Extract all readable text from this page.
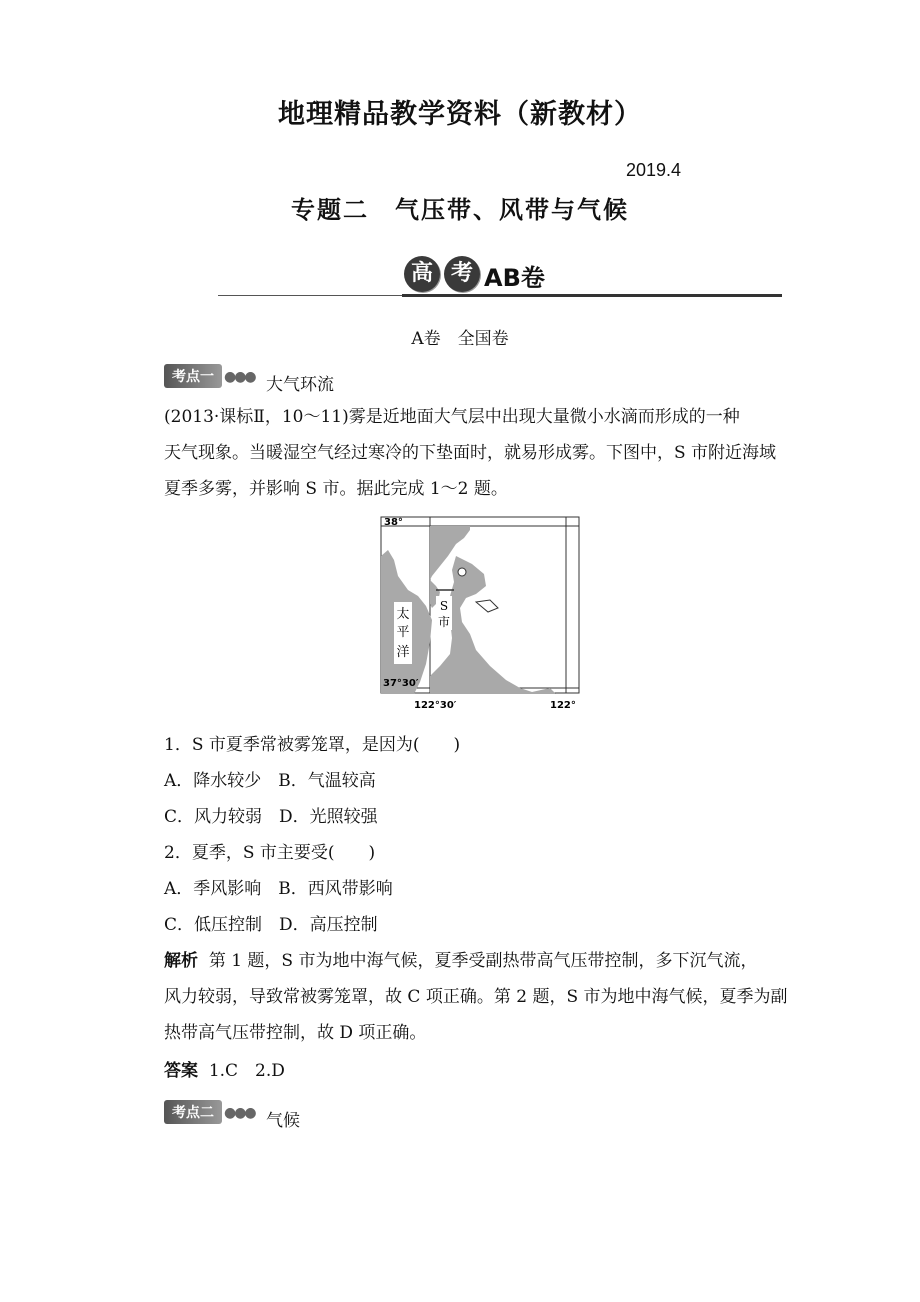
地理精品教学资料（新教材）
2019.4
专题二　气压带、风带与气候
高 考 AB卷
A卷　全国卷
考点一 ●●● 大气环流
(2013·课标Ⅱ，10～11)雾是近地面大气层中出现大量微小水滴而形成的一种
天气现象。当暖湿空气经过寒冷的下垫面时，就易形成雾。下图中，S 市附近海域
夏季多雾，并影响 S 市。据此完成 1～2 题。
太
平
洋
S
市
38°
37°30′
122°30′	122°
1．S 市夏季常被雾笼罩，是因为(　　)
A．降水较少　B．气温较高
C．风力较弱　D．光照较强
2．夏季，S 市主要受(　　)
A．季风影响　B．西风带影响
C．低压控制　D．高压控制
解析 第 1 题，S 市为地中海气候，夏季受副热带高气压带控制，多下沉气流，
风力较弱，导致常被雾笼罩，故 C 项正确。第 2 题，S 市为地中海气候，夏季为副
热带高气压带控制，故 D 项正确。
答案 1.C　2.D
考点二 ●●● 气候
